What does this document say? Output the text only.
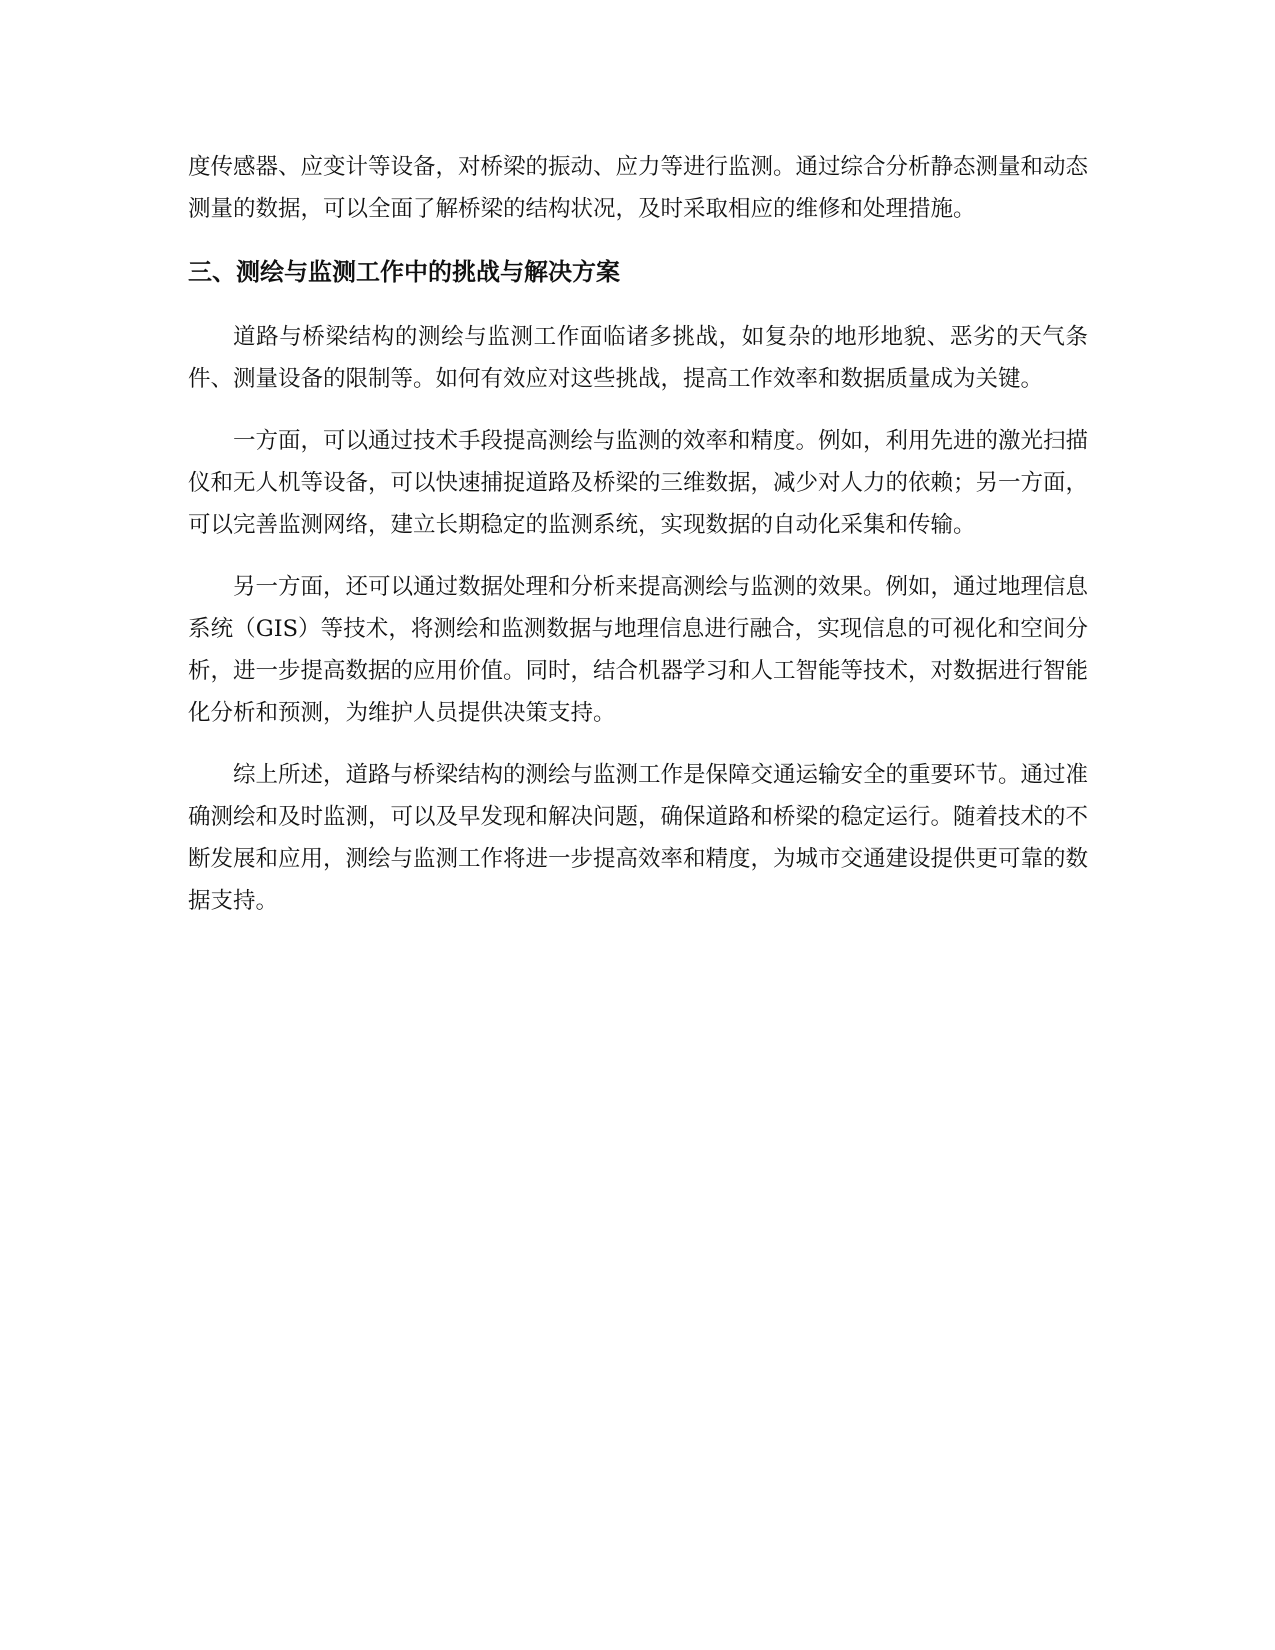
度传感器、应变计等设备，对桥梁的振动、应力等进行监测。通过综合分析静态测量和动态测量的数据，可以全面了解桥梁的结构状况，及时采取相应的维修和处理措施。

三、测绘与监测工作中的挑战与解决方案

道路与桥梁结构的测绘与监测工作面临诸多挑战，如复杂的地形地貌、恶劣的天气条件、测量设备的限制等。如何有效应对这些挑战，提高工作效率和数据质量成为关键。

一方面，可以通过技术手段提高测绘与监测的效率和精度。例如，利用先进的激光扫描仪和无人机等设备，可以快速捕捉道路及桥梁的三维数据，减少对人力的依赖；另一方面，可以完善监测网络，建立长期稳定的监测系统，实现数据的自动化采集和传输。

另一方面，还可以通过数据处理和分析来提高测绘与监测的效果。例如，通过地理信息系统（GIS）等技术，将测绘和监测数据与地理信息进行融合，实现信息的可视化和空间分析，进一步提高数据的应用价值。同时，结合机器学习和人工智能等技术，对数据进行智能化分析和预测，为维护人员提供决策支持。

综上所述，道路与桥梁结构的测绘与监测工作是保障交通运输安全的重要环节。通过准确测绘和及时监测，可以及早发现和解决问题，确保道路和桥梁的稳定运行。随着技术的不断发展和应用，测绘与监测工作将进一步提高效率和精度，为城市交通建设提供更可靠的数据支持。
